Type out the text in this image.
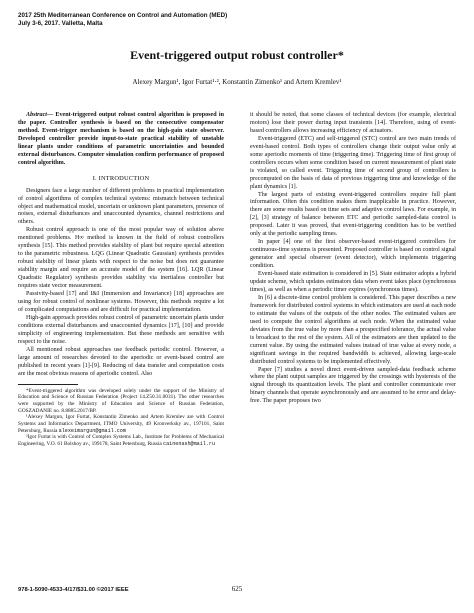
2017 25th Mediterranean Conference on Control and Automation (MED)
July 3-6, 2017. Valletta, Malta
Event-triggered output robust controller*
Alexey Margun¹, Igor Furtat¹·², Konstantin Zimenko¹ and Artem Kremlev¹

Abstract— Event-triggered output robust control algorithm is proposed in the paper. Controller synthesis is based on the consecutive compensator method. Event-trigger mechanism is based on the high-gain state observer. Developed controller provide input-to-state practical stability of unstable linear plants under conditions of parametric uncertainties and bounded external disturbances. Computer simulation confirm performance of proposed control algorithm.

I. INTRODUCTION

Designers face a large number of different problems in practical implementation of control algorithms of complex technical systems: mismatch between technical object and mathematical model, uncertain or unknown plant parameters, presence of noises, external disturbances and unaccounted dynamics, channel restrictions and others.

Robust control approach is one of the most popular way of solution above mentioned problems. H∞ method is known in the field of robust controllers synthesis [15]. This method provides stability of plant but require special attention to the parametric robustness. LQG (Linear Quadratic Gaussian) synthesis provides robust stability of linear plants with respect to the noise but does not guarantee stability margin and require an accurate model of the system [16]. LQR (Linear Quadratic Regulator) synthesis provides stability via inertialess controller but requires state vector measurement.

Passivity-based [17] and I&I (Immersion and Invariance) [18] approaches are using for robust control of nonlinear systems. However, this methods require a lot of complicated computations and are difficult for practical implementation.

High-gain approach provides robust control of parametric uncertain plants under conditions external disturbances and unaccounted dynamics [17], [10] and provide simplicity of engineering implementation. But these methods are sensitive with respect to the noise.

All mentioned robust approaches use feedback periodic control. However, a large amount of researches devoted to the aperiodic or event-based control are published in recent years [1]-[9]. Reducing of data transfer and computation costs are the most obvious reasons of aperiodic control. Also

*Event-triggered algorithm was developed solely under the support of the Ministry of Education and Science of Russian Federation (Project 14.Z50.31.0031). The other researches were supported by the Ministry of Education and Science of Russian Federation, GOSZADANIE no. 8.8885.2017/BP.

¹Alexey Margun, Igor Furtat, Konstantin Zimenko and Artem Kremlev are with Control Systems and Informatics Department, ITMO University, 49 Kronverksky av., 197101, Saint Petersburg, Russia alexeimargun@gmail.com

²Igor Furtat is with Control of Complex Systems Lab., Institute for Problems of Mechanical Engineering, V.O. 61 Bolshoy av., 199178, Saint Petersburg, Russia cainenash@mail.ru

it should be noted, that some classes of technical devices (for example, electrical motors) lose their power during input transients [14]. Therefore, using of event-based controllers allows increasing efficiency of actuators.

Event-triggered (ETC) and self-triggered (STC) control are two main trends of event-based control. Both types of controllers change their output value only at some aperiodic moments of time (triggering time). Triggering time of first group of controllers occurs when some condition based on current measurement of plant state is violated, so called event. Triggering time of second group of controllers is precomputed on the basis of data of previous triggering time and knowledge of the plant dynamics [1].

The largest parts of existing event-triggered controllers require full plant information. Often this condition makes them inapplicable in practice. However, there are some results based on time sets and adaptive control laws. For example, in [2], [3] strategy of balance between ETC and periodic sampled-data control is proposed. Later it was proved, that event-triggering condition has to be verified only at the periodic sampling times.

In paper [4] one of the first observer-based event-triggered controllers for continuous-time systems is presented. Proposed controller is based on control signal generator and special observer (event detector), which implements triggering condition.

Event-based state estimation is considered in [5]. State estimator adopts a hybrid update scheme, which updates estimators data when event takes place (synchronous times), as well as when a periodic timer expires (synchronous times).

In [6] a discrete-time control problem is considered. This paper describes a new framework for distributed control systems in which estimators are used at each node to estimate the values of the outputs of the other nodes. The estimated values are used to compute the control algorithms at each node. When the estimated value deviates from the true value by more than a prespecified tolerance, the actual value is broadcast to the rest of the system. All of the estimators are then updated to the current value. By using the estimated values instead of true value at every node, a significant savings in the required bandwidth is achieved, allowing large-scale distributed control systems to be implemented effectively.

Paper [7] studies a novel direct event-driven sampled-data feedback scheme where the plant output samples are triggered by the crossings with hysteresis of the signal through its quantization levels. The plant and controller communicate over binary channels that operate asynchronously and are assumed to be error and delay-free. The paper proposes two

978-1-5090-4533-4/17/$31.00 ©2017 IEEE	625
